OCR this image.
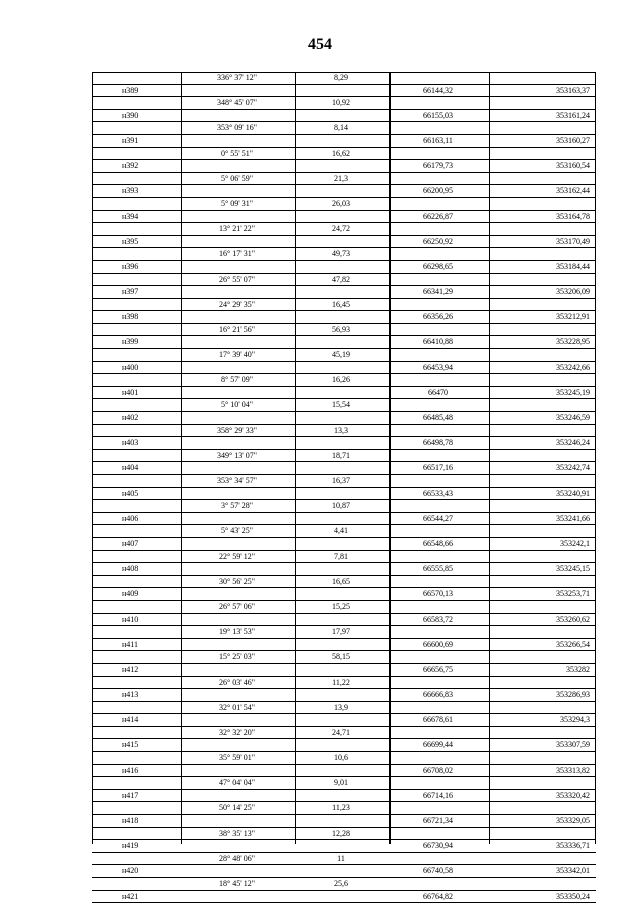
454
336° 37' 12"	8,29
н389	66144,32	353163,37
348° 45' 07"	10,92
н390	66155,03	353161,24
353° 09' 16"	8,14
н391	66163,11	353160,27
0° 55' 51"	16,62
н392	66179,73	353160,54
5° 06' 59"	21,3
н393	66200,95	353162,44
5° 09' 31"	26,03
н394	66226,87	353164,78
13° 21' 22"	24,72
н395	66250,92	353170,49
16° 17' 31"	49,73
н396	66298,65	353184,44
26° 55' 07"	47,82
н397	66341,29	353206,09
24° 29' 35"	16,45
н398	66356,26	353212,91
16° 21' 56"	56,93
н399	66410,88	353228,95
17° 39' 40"	45,19
н400	66453,94	353242,66
8° 57' 09"	16,26
н401	66470	353245,19
5° 10' 04"	15,54
н402	66485,48	353246,59
358° 29' 33"	13,3
н403	66498,78	353246,24
349° 13' 07"	18,71
н404	66517,16	353242,74
353° 34' 57"	16,37
н405	66533,43	353240,91
3° 57' 28"	10,87
н406	66544,27	353241,66
5° 43' 25"	4,41
н407	66548,66	353242,1
22° 59' 12"	7,81
н408	66555,85	353245,15
30° 56' 25"	16,65
н409	66570,13	353253,71
26° 57' 06"	15,25
н410	66583,72	353260,62
19° 13' 53"	17,97
н411	66600,69	353266,54
15° 25' 03"	58,15
н412	66656,75	353282
26° 03' 46"	11,22
н413	66666,83	353286,93
32° 01' 54"	13,9
н414	66678,61	353294,3
32° 32' 20"	24,71
н415	66699,44	353307,59
35° 59' 01"	10,6
н416	66708,02	353313,82
47° 04' 04"	9,01
н417	66714,16	353320,42
50° 14' 25"	11,23
н418	66721,34	353329,05
38° 35' 13"	12,28
н419	66730,94	353336,71
28° 48' 06"	11
н420	66740,58	353342,01
18° 45' 12"	25,6
н421	66764,82	353350,24
